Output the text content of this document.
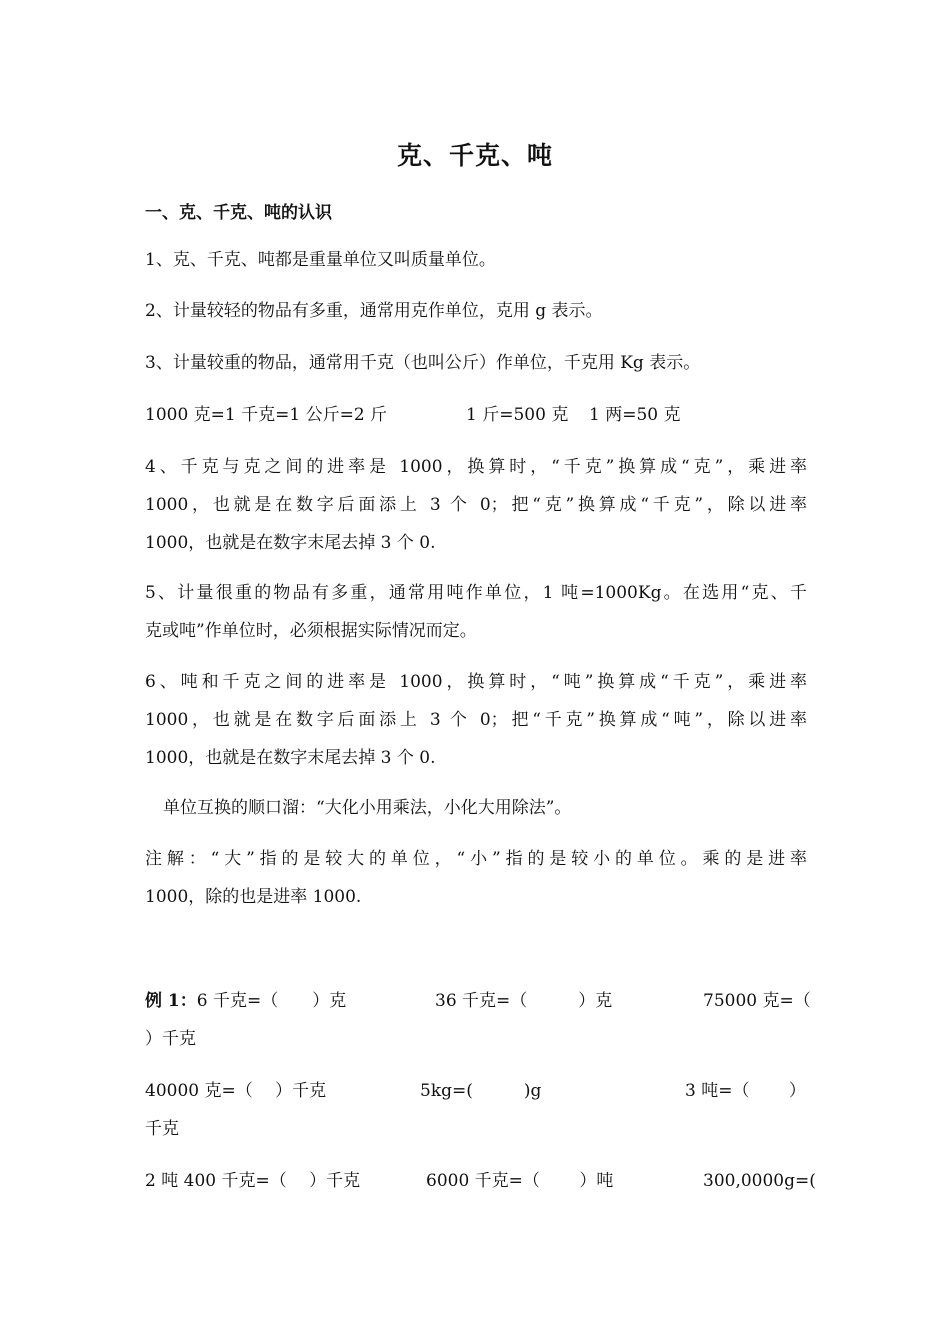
克、千克、吨
一、克、千克、吨的认识
1、克、千克、吨都是重量单位又叫质量单位。
2、计量较轻的物品有多重，通常用克作单位，克用 g 表示。
3、计量较重的物品，通常用千克（也叫公斤）作单位，千克用 Kg 表示。
1000 克=1 千克=1 公斤=2 斤	1 斤=500 克 1 两=50 克
4、千克与克之间的进率是 1000，换算时，“千克”换算成“克”，乘进率
1000，也就是在数字后面添上 3 个 0；把“克”换算成“千克”，除以进率
1000，也就是在数字末尾去掉 3 个 0.
5、计量很重的物品有多重，通常用吨作单位，1 吨=1000Kg。在选用“克、千
克或吨”作单位时，必须根据实际情况而定。
6、吨和千克之间的进率是 1000，换算时，“吨”换算成“千克”，乘进率
1000，也就是在数字后面添上 3 个 0；把“千克”换算成“吨”，除以进率
1000，也就是在数字末尾去掉 3 个 0.
单位互换的顺口溜：“大化小用乘法，小化大用除法”。
注解：“大”指的是较大的单位，“小”指的是较小的单位。乘的是进率
1000，除的也是进率 1000.
例 1：6 千克=（　　）克	36 千克=（　　　）克	75000 克=（
）千克
40000 克=（　 ）千克	5kg=(　　　)g	3 吨=（　　 ）
千克
2 吨 400 千克=（　 ）千克	6000 千克=（　　 ）吨	300,0000g=(
